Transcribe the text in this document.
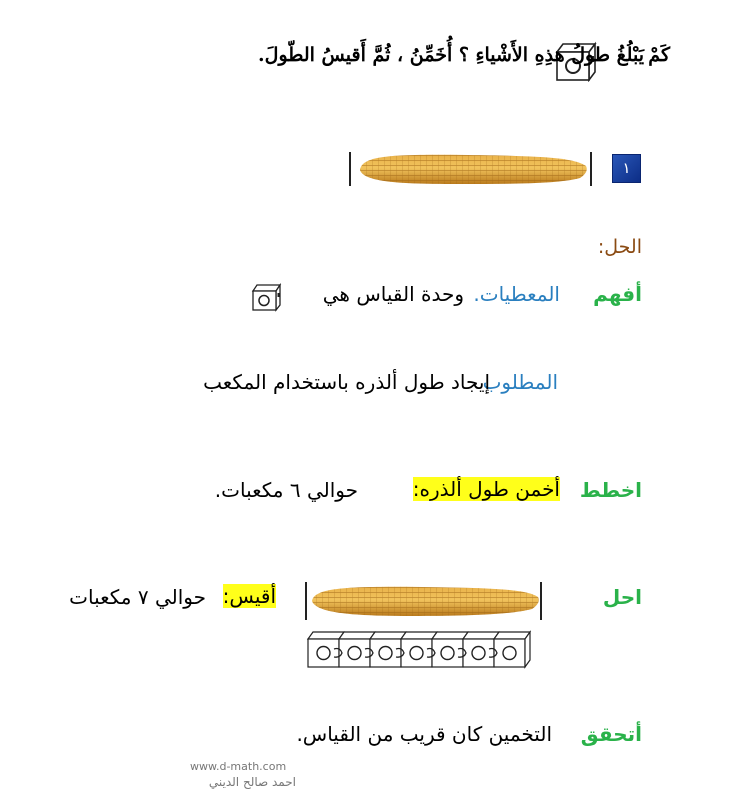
كَمْ
يَبْلُغُ طولُ هذِهِ الأَشْياءِ ؟ أُخَمِّنُ ، ثُمَّ أَقيسُ الطّولَ.
١
الحل:
أفهم
المعطيات.
وحدة القياس هي
المطلوب
إيجاد طول ألذره باستخدام المكعب
اخطط
أخمن طول ألذره:
حوالي ٦ مكعبات.
احل
أقيس:
حوالي ٧ مكعبات
أتحقق
التخمين كان قريب من القياس.
www.d-math.com
احمد صالح الديني
